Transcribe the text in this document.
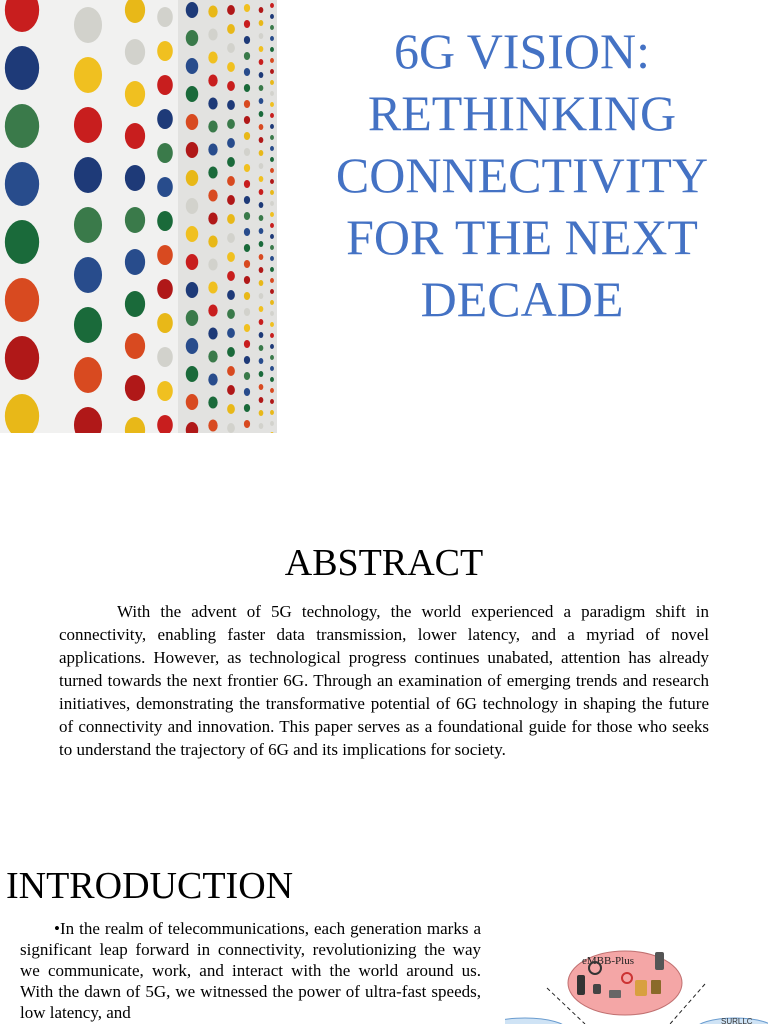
6G VISION:
RETHINKING
CONNECTIVITY
FOR THE NEXT
DECADE
ABSTRACT

With the advent of 5G technology, the world experienced a paradigm shift in connectivity, enabling faster data transmission, lower latency, and a myriad of novel applications. However, as technological progress continues unabated, attention has already turned towards the next frontier 6G. Through an examination of emerging trends and research initiatives, demonstrating the transformative potential of 6G technology in shaping the future of connectivity and innovation. This paper serves as a foundational guide for those who seeks to understand the trajectory of 6G and its implications for society.

INTRODUCTION

•In the realm of telecommunications, each generation marks a significant leap forward in connectivity, revolutionizing the way we communicate, work, and interact with the world around us. With the dawn of 5G, we witnessed the power of ultra-fast speeds, low latency, and

eMBB-Plus
SURLLC
